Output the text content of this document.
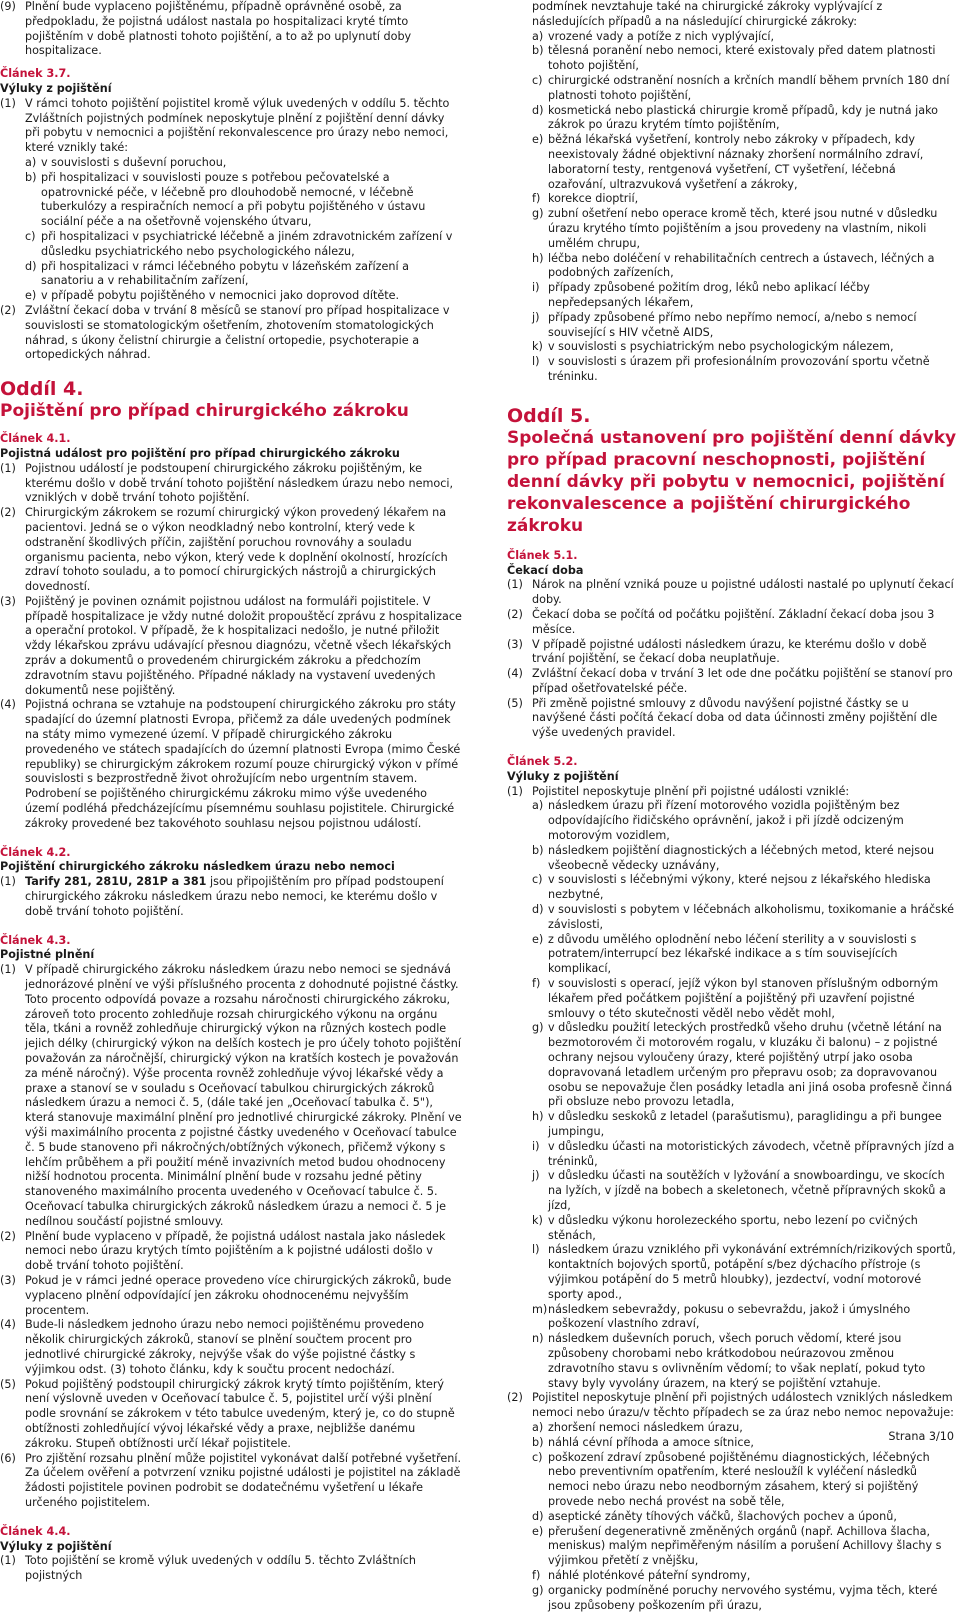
(9) Plnění bude vyplaceno pojištěnému, případně oprávněné osobě, za předpokladu, že pojistná událost nastala po hospitalizaci kryté tímto pojištěním v době platnosti tohoto pojištění, a to až po uplynutí doby hospitalizace.

Článek 3.7.
Výluky z pojištění

(1) V rámci tohoto pojištění pojistitel kromě výluk uvedených v oddílu 5. těchto Zvláštních pojistných podmínek neposkytuje plnění z pojištění denní dávky při pobytu v nemocnici a pojištění rekonvalescence pro úrazy nebo nemoci, které vznikly také:

a) v souvislosti s duševní poruchou,

b) při hospitalizaci v souvislosti pouze s potřebou pečovatelské a opatrovnické péče, v léčebně pro dlouhodobě nemocné, v léčebně tuberkulózy a respiračních nemocí a při pobytu pojištěného v ústavu sociální péče a na ošetřovně vojenského útvaru,

c) při hospitalizaci v psychiatrické léčebně a jiném zdravotnickém zařízení v důsledku psychiatrického nebo psychologického nálezu,

d) při hospitalizaci v rámci léčebného pobytu v lázeňském zařízení a sanatoriu a v rehabilitačním zařízení,

e) v případě pobytu pojištěného v nemocnici jako doprovod dítěte.

(2) Zvláštní čekací doba v trvání 8 měsíců se stanoví pro případ hospitalizace v souvislosti se stomatologickým ošetřením, zhotovením stomatologických náhrad, s úkony čelistní chirurgie a čelistní ortopedie, psychoterapie a ortopedických náhrad.

Oddíl 4.
Pojištění pro případ chirurgického zákroku
Článek 4.1.
Pojistná událost pro pojištění pro případ chirurgického zákroku

(1) Pojistnou událostí je podstoupení chirurgického zákroku pojištěným, ke kterému došlo v době trvání tohoto pojištění následkem úrazu nebo nemoci, vzniklých v době trvání tohoto pojištění.

(2) Chirurgickým zákrokem se rozumí chirurgický výkon provedený lékařem na pacientovi. Jedná se o výkon neodkladný nebo kontrolní, který vede k odstranění škodlivých příčin, zajištění poruchou rovnováhy a souladu organismu pacienta, nebo výkon, který vede k doplnění okolností, hrozících zdraví tohoto souladu, a to pomocí chirurgických nástrojů a chirurgických dovedností.

(3) Pojištěný je povinen oznámit pojistnou událost na formuláři pojistitele. V případě hospitalizace je vždy nutné doložit propouštěcí zprávu z hospitalizace a operační protokol. V případě, že k hospitalizaci nedošlo, je nutné přiložit vždy lékařskou zprávu udávající přesnou diagnózu, včetně všech lékařských zpráv a dokumentů o provedeném chirurgickém zákroku a předchozím zdravotním stavu pojištěného. Případné náklady na vystavení uvedených dokumentů nese pojištěný.

(4) Pojistná ochrana se vztahuje na podstoupení chirurgického zákroku pro státy spadající do územní platnosti Evropa, přičemž za dále uvedených podmínek na státy mimo vymezené území. V případě chirurgického zákroku provedeného ve státech spadajících do územní platnosti Evropa (mimo České republiky) se chirurgickým zákrokem rozumí pouze chirurgický výkon v přímé souvislosti s bezprostředně život ohrožujícím nebo urgentním stavem. Podrobení se pojištěného chirurgickému zákroku mimo výše uvedeného území podléhá předcházejícímu písemnému souhlasu pojistitele. Chirurgické zákroky provedené bez takovéhoto souhlasu nejsou pojistnou událostí.

Článek 4.2.
Pojištění chirurgického zákroku následkem úrazu nebo nemoci

(1) Tarify 281, 281U, 281P a 381 jsou připojištěním pro případ podstoupení chirurgického zákroku následkem úrazu nebo nemoci, ke kterému došlo v době trvání tohoto pojištění.

Článek 4.3.
Pojistné plnění

(1) V případě chirurgického zákroku následkem úrazu nebo nemoci se sjednává jednorázové plnění ve výši příslušného procenta z dohodnuté pojistné částky. Toto procento odpovídá povaze a rozsahu náročnosti chirurgického zákroku, zároveň toto procento zohledňuje rozsah chirurgického výkonu na orgánu těla, tkáni a rovněž zohledňuje chirurgický výkon na různých kostech podle jejich délky (chirurgický výkon na delších kostech je pro účely tohoto pojištění považován za náročnější, chirurgický výkon na kratších kostech je považován za méně náročný). Výše procenta rovněž zohledňuje vývoj lékařské vědy a praxe a stanoví se v souladu s Oceňovací tabulkou chirurgických zákroků následkem úrazu a nemoci č. 5, (dále také jen „Oceňovací tabulka č. 5"), která stanovuje maximální plnění pro jednotlivé chirurgické zákroky. Plnění ve výši maximálního procenta z pojistné částky uvedeného v Oceňovací tabulce č. 5 bude stanoveno při nákročných/obtížných výkonech, přičemž výkony s lehčím průběhem a při použití méně invazivních metod budou ohodnoceny nižší hodnotou procenta. Minimální plnění bude v rozsahu jedné pětiny stanoveného maximálního procenta uvedeného v Oceňovací tabulce č. 5. Oceňovací tabulka chirurgických zákroků následkem úrazu a nemoci č. 5 je nedílnou součástí pojistné smlouvy.

(2) Plnění bude vyplaceno v případě, že pojistná událost nastala jako následek nemoci nebo úrazu krytých tímto pojištěním a k pojistné události došlo v době trvání tohoto pojištění.

(3) Pokud je v rámci jedné operace provedeno více chirurgických zákroků, bude vyplaceno plnění odpovídající jen zákroku ohodnocenému nejvyšším procentem.

(4) Bude-li následkem jednoho úrazu nebo nemoci pojištěnému provedeno několik chirurgických zákroků, stanoví se plnění součtem procent pro jednotlivé chirurgické zákroky, nejvýše však do výše pojistné částky s výjimkou odst. (3) tohoto článku, kdy k součtu procent nedochází.

(5) Pokud pojištěný podstoupil chirurgický zákrok krytý tímto pojištěním, který není výslovně uveden v Oceňovací tabulce č. 5, pojistitel určí výši plnění podle srovnání se zákrokem v této tabulce uvedeným, který je, co do stupně obtížnosti zohledňující vývoj lékařské vědy a praxe, nejbližše danému zákroku. Stupeň obtížnosti určí lékař pojistitele.

(6) Pro zjištění rozsahu plnění může pojistitel vykonávat další potřebné vyšetření. Za účelem ověření a potvrzení vzniku pojistné události je pojistitel na základě žádosti pojistitele povinen podrobit se dodatečnému vyšetření u lékaře určeného pojistitelem.

Článek 4.4.
Výluky z pojištění

(1) Toto pojištění se kromě výluk uvedených v oddílu 5. těchto Zvláštních pojistných

podmínek nevztahuje také na chirurgické zákroky vyplývající z následujících případů a na následující chirurgické zákroky:

a) vrozené vady a potíže z nich vyplývající,

b) tělesná poranění nebo nemoci, které existovaly před datem platnosti tohoto pojištění,

c) chirurgické odstranění nosních a krčních mandlí během prvních 180 dní platnosti tohoto pojištění,

d) kosmetická nebo plastická chirurgie kromě případů, kdy je nutná jako zákrok po úrazu krytém tímto pojištěním,

e) běžná lékařská vyšetření, kontroly nebo zákroky v případech, kdy neexistovaly žádné objektivní náznaky zhoršení normálního zdraví, laboratorní testy, rentgenová vyšetření, CT vyšetření, léčebná ozařování, ultrazvuková vyšetření a zákroky,

f) korekce dioptrií,

g) zubní ošetření nebo operace kromě těch, které jsou nutné v důsledku úrazu krytého tímto pojištěním a jsou provedeny na vlastním, nikoli umělém chrupu,

h) léčba nebo doléčení v rehabilitačních centrech a ústavech, léčných a podobných zařízeních,

i) případy způsobené požitím drog, léků nebo aplikací léčby nepředepsaných lékařem,

j) případy způsobené přímo nebo nepřímo nemocí, a/nebo s nemocí související s HIV včetně AIDS,

k) v souvislosti s psychiatrickým nebo psychologickým nálezem,

l) v souvislosti s úrazem při profesionálním provozování sportu včetně tréninku.

Oddíl 5.
Společná ustanovení pro pojištění denní dávky pro případ pracovní neschopnosti, pojištění denní dávky při pobytu v nemocnici, pojištění rekonvalescence a pojištění chirurgického zákroku
Článek 5.1.
Čekací doba

(1) Nárok na plnění vzniká pouze u pojistné události nastalé po uplynutí čekací doby.

(2) Čekací doba se počítá od počátku pojištění. Základní čekací doba jsou 3 měsíce.

(3) V případě pojistné události následkem úrazu, ke kterému došlo v době trvání pojištění, se čekací doba neuplatňuje.

(4) Zvláštní čekací doba v trvání 3 let ode dne počátku pojištění se stanoví pro případ ošetřovatelské péče.

(5) Při změně pojistné smlouvy z důvodu navýšení pojistné částky se u navýšené části počítá čekací doba od data účinnosti změny pojištění dle výše uvedených pravidel.

Článek 5.2.
Výluky z pojištění

(1) Pojistitel neposkytuje plnění při pojistné události vzniklé:

a) následkem úrazu při řízení motorového vozidla pojištěným bez odpovídajícího řidičského oprávnění, jakož i při jízdě odcizeným motorovým vozidlem,

b) následkem pojištění diagnostických a léčebných metod, které nejsou všeobecně vědecky uznávány,

c) v souvislosti s léčebnými výkony, které nejsou z lékařského hlediska nezbytné,

d) v souvislosti s pobytem v léčebnách alkoholismu, toxikomanie a hráčské závislosti,

e) z důvodu umělého oplodnění nebo léčení sterility a v souvislosti s potratem/interrupcí bez lékařské indikace a s tím souvisejících komplikací,

f) v souvislosti s operací, jejíž výkon byl stanoven příslušným odborným lékařem před počátkem pojištění a pojištěný při uzavření pojistné smlouvy o této skutečnosti věděl nebo vědět mohl,

g) v důsledku použití leteckých prostředků všeho druhu (včetně létání na bezmotorovém či motorovém rogalu, v kluzáku či balonu) – z pojistné ochrany nejsou vyloučeny úrazy, které pojištěný utrpí jako osoba dopravovaná letadlem určeným pro přepravu osob; za dopravovanou osobu se nepovažuje člen posádky letadla ani jiná osoba profesně činná při obsluze nebo provozu letadla,

h) v důsledku seskoků z letadel (parašutismu), paraglidingu a při bungee jumpingu,

i) v důsledku účasti na motoristických závodech, včetně přípravných jízd a tréninků,

j) v důsledku účasti na soutěžích v lyžování a snowboardingu, ve skocích na lyžích, v jízdě na bobech a skeletonech, včetně přípravných skoků a jízd,

k) v důsledku výkonu horolezeckého sportu, nebo lezení po cvičných stěnách,

l) následkem úrazu vzniklého při vykonávání extrémních/rizikových sportů, kontaktních bojových sportů, potápění s/bez dýchacího přístroje (s výjimkou potápění do 5 metrů hloubky), jezdectví, vodní motorové sporty apod.,

m) následkem sebevraždy, pokusu o sebevraždu, jakož i úmyslného poškození vlastního zdraví,

n) následkem duševních poruch, všech poruch vědomí, které jsou způsobeny chorobami nebo krátkodobou neúrazovou změnou zdravotního stavu s ovlivněním vědomí; to však neplatí, pokud tyto stavy byly vyvolány úrazem, na který se pojištění vztahuje.

(2) Pojistitel neposkytuje plnění při pojistných událostech vzniklých následkem nemoci nebo úrazu/v těchto případech se za úraz nebo nemoc nepovažuje:

a) zhoršení nemoci následkem úrazu,

b) náhlá cévní příhoda a amoce sítnice,

c) poškození zdraví způsobené pojištěnému diagnostických, léčebných nebo preventivním opatřením, které nesloužíl k vyléčení následků nemoci nebo úrazu nebo neodborným zásahem, který si pojištěný provede nebo nechá provést na sobě těle,

d) aseptické záněty tíhových váčků, šlachových pochev a úponů,

e) přerušení degenerativně změněných orgánů (např. Achillova šlacha, meniskus) malým nepřiměřeným násilím a porušení Achillovy šlachy s výjimkou přetětí z vnějšku,

f) náhlé ploténkové páteřní syndromy,

g) organicky podmíněné poruchy nervového systému, vyjma těch, které jsou způsobeny poškozením při úrazu,

Strana 3/10
